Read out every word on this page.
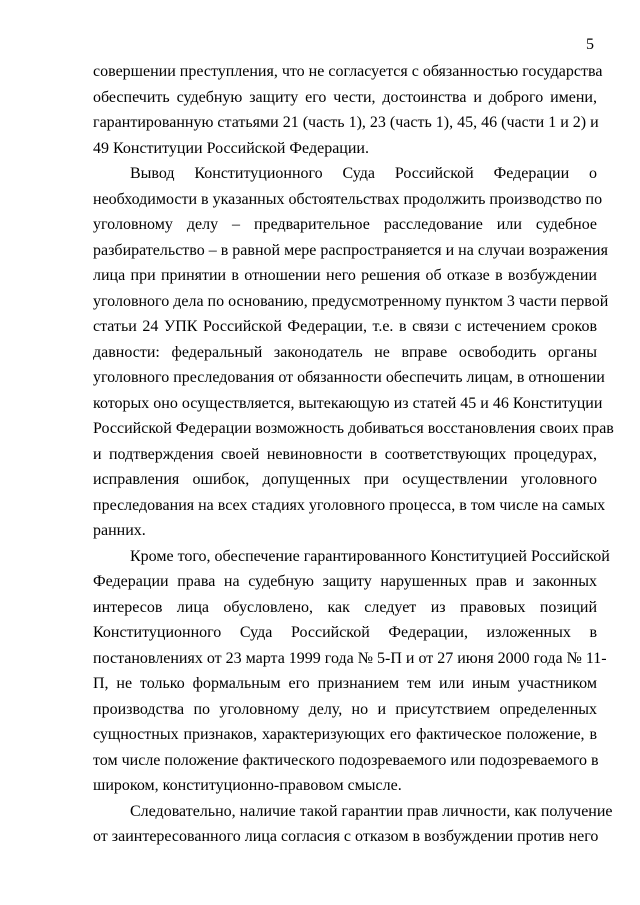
5
совершении преступления, что не согласуется с обязанностью государства
обеспечить судебную защиту его чести, достоинства и доброго имени,
гарантированную статьями 21 (часть 1), 23 (часть 1), 45, 46 (части 1 и 2) и
49 Конституции Российской Федерации.
Вывод Конституционного Суда Российской Федерации о
необходимости в указанных обстоятельствах продолжить производство по
уголовному делу – предварительное расследование или судебное
разбирательство – в равной мере распространяется и на случаи возражения
лица при принятии в отношении него решения об отказе в возбуждении
уголовного дела по основанию, предусмотренному пунктом 3 части первой
статьи 24 УПК Российской Федерации, т.е. в связи с истечением сроков
давности: федеральный законодатель не вправе освободить органы
уголовного преследования от обязанности обеспечить лицам, в отношении
которых оно осуществляется, вытекающую из статей 45 и 46 Конституции
Российской Федерации возможность добиваться восстановления своих прав
и подтверждения своей невиновности в соответствующих процедурах,
исправления ошибок, допущенных при осуществлении уголовного
преследования на всех стадиях уголовного процесса, в том числе на самых
ранних.
Кроме того, обеспечение гарантированного Конституцией Российской
Федерации права на судебную защиту нарушенных прав и законных
интересов лица обусловлено, как следует из правовых позиций
Конституционного Суда Российской Федерации, изложенных в
постановлениях от 23 марта 1999 года № 5-П и от 27 июня 2000 года № 11-
П, не только формальным его признанием тем или иным участником
производства по уголовному делу, но и присутствием определенных
сущностных признаков, характеризующих его фактическое положение, в
том числе положение фактического подозреваемого или подозреваемого в
широком, конституционно-правовом смысле.
Следовательно, наличие такой гарантии прав личности, как получение
от заинтересованного лица согласия с отказом в возбуждении против него
